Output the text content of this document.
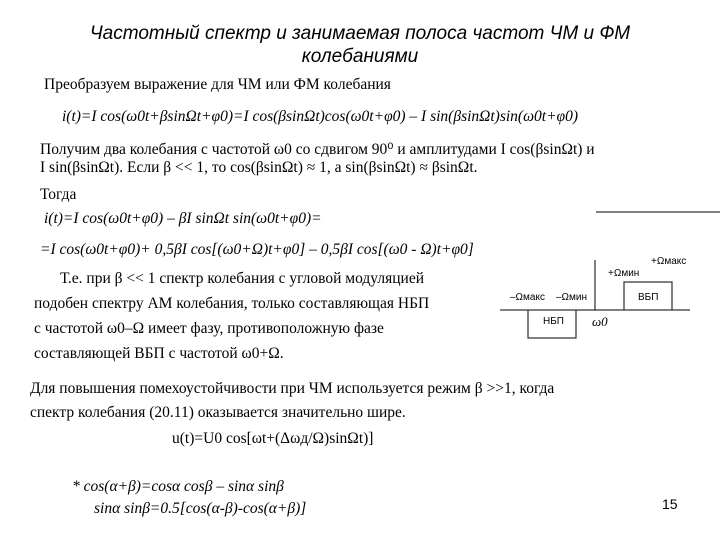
Частотный спектр и занимаемая полоса частот ЧМ и ФМ
колебаниями
Преобразуем выражение для ЧМ или ФМ колебания
i(t)=I cos(ω0t+βsinΩt+φ0)=I cos(βsinΩt)cos(ω0t+φ0) – I sin(βsinΩt)sin(ω0t+φ0)
Получим два колебания с частотой ω0 со сдвигом 90⁰ и амплитудами I cos(βsinΩt) и
I sin(βsinΩt). Если β << 1, то cos(βsinΩt) ≈ 1, а sin(βsinΩt) ≈ βsinΩt.
Тогда
i(t)=I cos(ω0t+φ0) – βI sinΩt sin(ω0t+φ0)=
=I cos(ω0t+φ0)+ 0,5βI cos[(ω0+Ω)t+φ0] – 0,5βI cos[(ω0 - Ω)t+φ0]
Т.е. при β << 1 спектр колебания с угловой модуляцией
подобен спектру АМ колебания, только составляющая НБП
с частотой ω0–Ω имеет фазу, противоположную фазе
составляющей ВБП с частотой ω0+Ω.
+Ωмакс
+Ωмин
ВБП
–Ωмакс –Ωмин
НБП ω0
Для повышения помехоустойчивости при ЧМ используется режим β >>1, когда
спектр колебания (20.11) оказывается значительно шире.
u(t)=U0 cos[ωt+(Δωд/Ω)sinΩt)]
* cos(α+β)=cosα cosβ – sinα sinβ
sinα sinβ=0.5[cos(α-β)-cos(α+β)]	15
